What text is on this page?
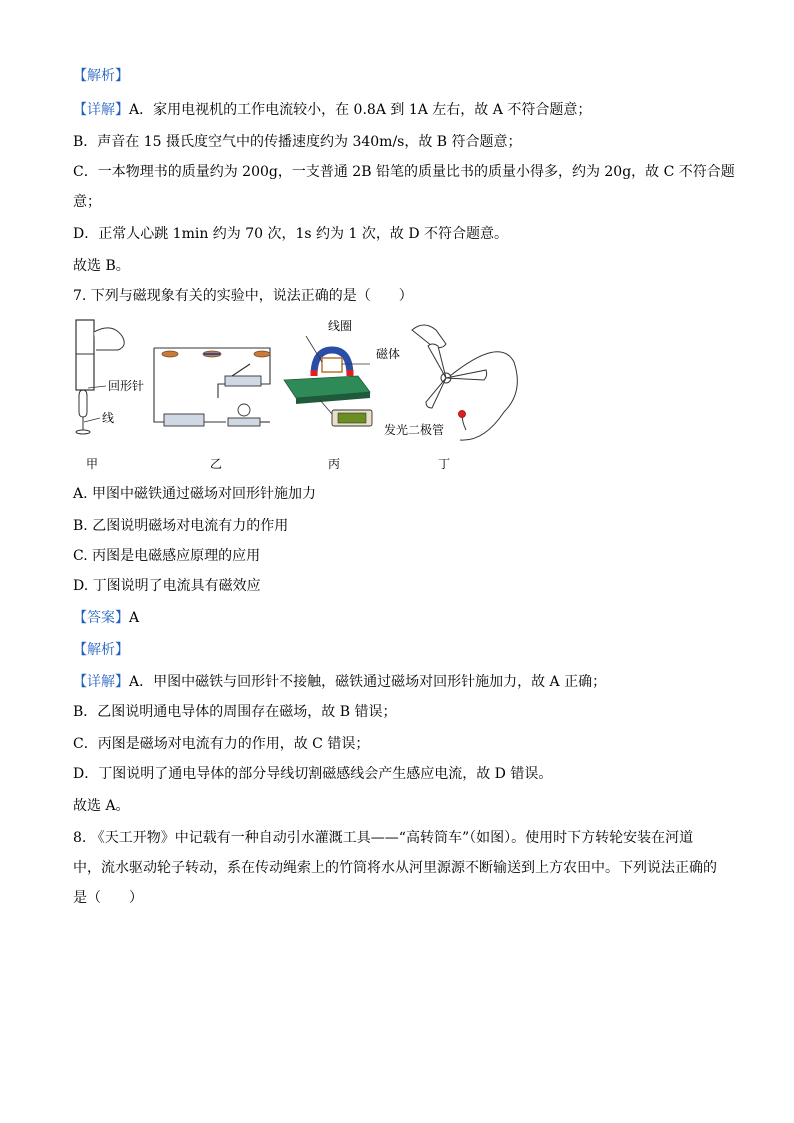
【解析】
【详解】A．家用电视机的工作电流较小，在 0.8A 到 1A 左右，故 A 不符合题意；
B．声音在 15 摄氏度空气中的传播速度约为 340m/s，故 B 符合题意；
C．一本物理书的质量约为 200g，一支普通 2B 铅笔的质量比书的质量小得多，约为 20g，故 C 不符合题
意；
D．正常人心跳 1min 约为 70 次，1s 约为 1 次，故 D 不符合题意。
故选 B。
7. 下列与磁现象有关的实验中，说法正确的是（　　）
回形针
线
线圈
磁体
发光二极管
甲	乙	丙	丁
A. 甲图中磁铁通过磁场对回形针施加力
B. 乙图说明磁场对电流有力的作用
C. 丙图是电磁感应原理的应用
D. 丁图说明了电流具有磁效应
【答案】A
【解析】
【详解】A．甲图中磁铁与回形针不接触，磁铁通过磁场对回形针施加力，故 A 正确；
B．乙图说明通电导体的周围存在磁场，故 B 错误；
C．丙图是磁场对电流有力的作用，故 C 错误；
D．丁图说明了通电导体的部分导线切割磁感线会产生感应电流，故 D 错误。
故选 A。
8. 《天工开物》中记载有一种自动引水灌溉工具——“高转筒车”（如图）。使用时下方转轮安装在河道
中，流水驱动轮子转动，系在传动绳索上的竹筒将水从河里源源不断输送到上方农田中。下列说法正确的
是（　　）
